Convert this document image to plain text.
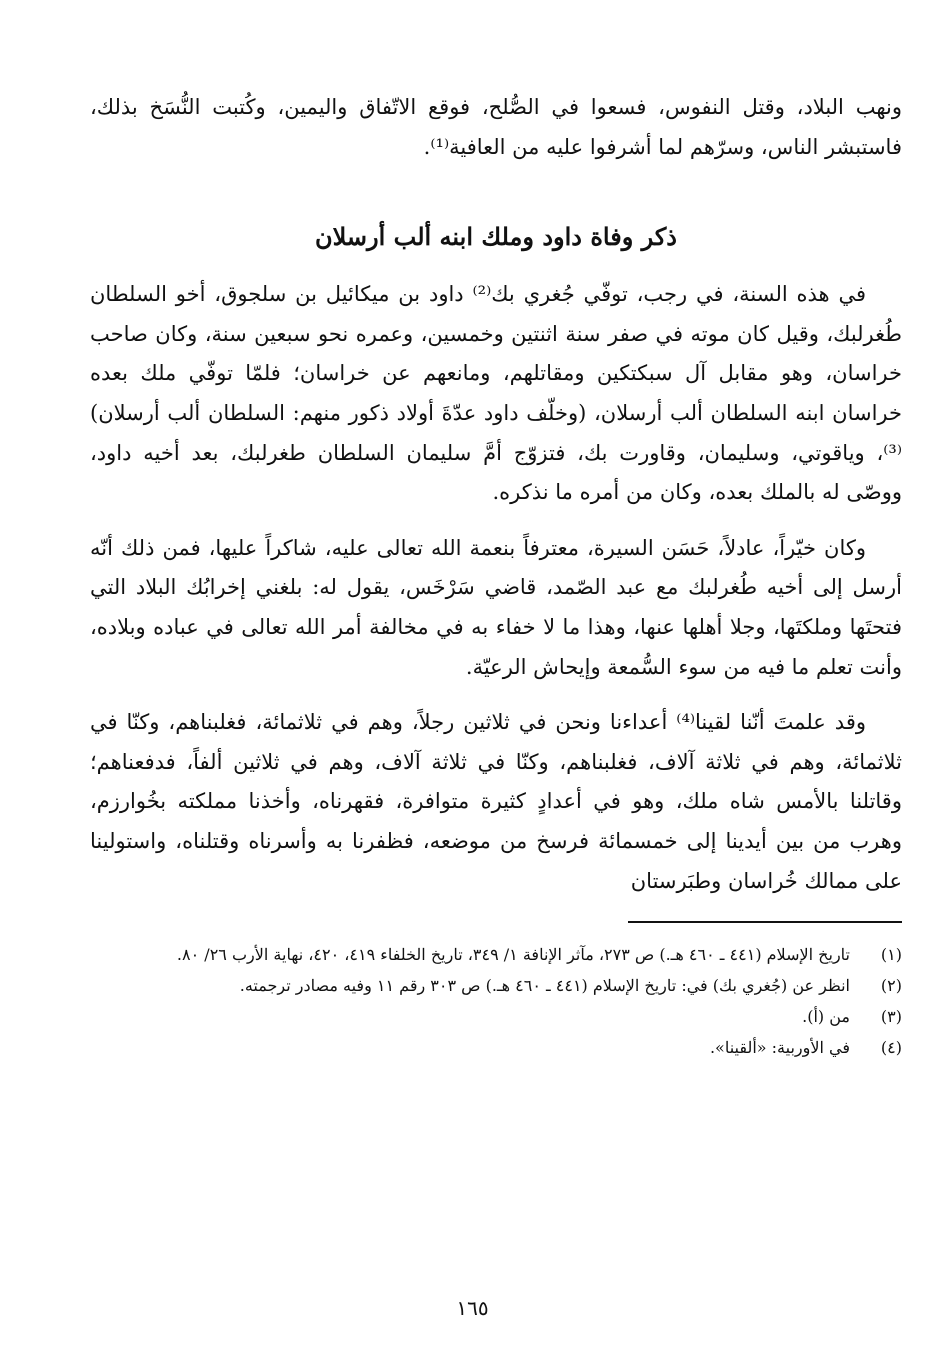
ونهب البلاد، وقتل النفوس، فسعوا في الصُّلح، فوقع الاتّفاق واليمين، وكُتبت النُّسَخ بذلك، فاستبشر الناس، وسرّهم لما أشرفوا عليه من العافية⁽¹⁾.

ذكر وفاة داود وملك ابنه ألب أرسلان

في هذه السنة، في رجب، توفّي جُغري بك⁽²⁾ داود بن ميكائيل بن سلجوق، أخو السلطان طُغرلبك، وقيل كان موته في صفر سنة اثنتين وخمسين، وعمره نحو سبعين سنة، وكان صاحب خراسان، وهو مقابل آل سبكتكين ومقاتلهم، ومانعهم عن خراسان؛ فلمّا توفّي ملك بعده خراسان ابنه السلطان ألب أرسلان، (وخلّف داود عدّةَ أولاد ذكور منهم: السلطان ألب أرسلان)⁽³⁾، وياقوتي، وسليمان، وقاورت بك، فتزوّج أمَّ سليمان السلطان طغرلبك، بعد أخيه داود، ووصّى له بالملك بعده، وكان من أمره ما نذكره.

وكان خيّراً، عادلاً، حَسَن السيرة، معترفاً بنعمة الله تعالى عليه، شاكراً عليها، فمن ذلك أنّه أرسل إلى أخيه طُغرلبك مع عبد الصّمد، قاضي سَرْخَس، يقول له: بلغني إخرابُك البلاد التي فتحتَها وملكتَها، وجلا أهلها عنها، وهذا ما لا خفاء به في مخالفة أمر الله تعالى في عباده وبلاده، وأنت تعلم ما فيه من سوء السُّمعة وإيحاش الرعيّة.

وقد علمتَ أنّنا لقينا⁽⁴⁾ أعداءنا ونحن في ثلاثين رجلاً، وهم في ثلاثمائة، فغلبناهم، وكنّا في ثلاثمائة، وهم في ثلاثة آلاف، فغلبناهم، وكنّا في ثلاثة آلاف، وهم في ثلاثين ألفاً، فدفعناهم؛ وقاتلنا بالأمس شاه ملك، وهو في أعدادٍ كثيرة متوافرة، فقهرناه، وأخذنا مملكته بخُوارزم، وهرب من بين أيدينا إلى خمسمائة فرسخ من موضعه، فظفرنا به وأسرناه وقتلناه، واستولينا على ممالك خُراسان وطبَرستان

(١)
تاريخ الإسلام (٤٤١ ـ ٤٦٠ هـ.) ص ٢٧٣، مآثر الإنافة ١/ ٣٤٩، تاريخ الخلفاء ٤١٩، ٤٢٠، نهاية الأرب ٢٦/ ٨٠.
(٢)
انظر عن (جُغري بك) في: تاريخ الإسلام (٤٤١ ـ ٤٦٠ هـ.) ص ٣٠٣ رقم ١١ وفيه مصادر ترجمته.
(٣)
من (أ).
(٤)
في الأوربية: «ألقينا».
١٦٥
